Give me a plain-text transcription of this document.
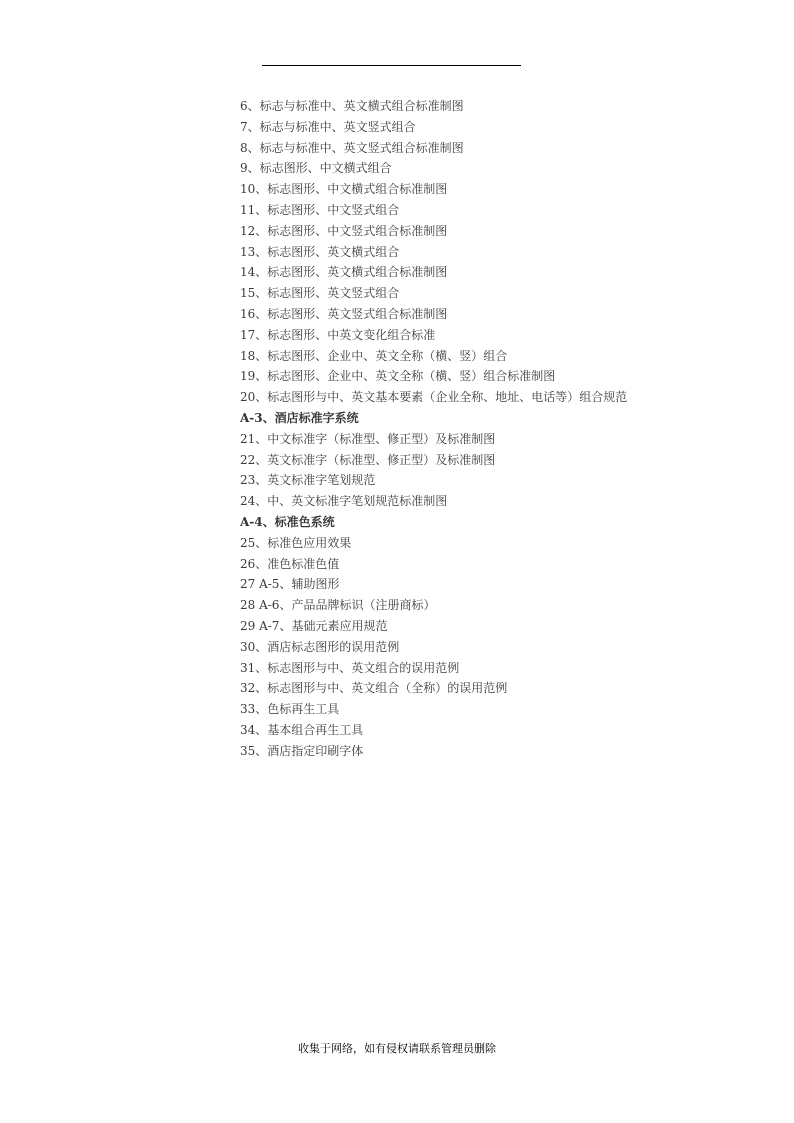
6、标志与标准中、英文横式组合标准制图
7、标志与标准中、英文竖式组合
8、标志与标准中、英文竖式组合标准制图
9、标志图形、中文横式组合
10、标志图形、中文横式组合标准制图
11、标志图形、中文竖式组合
12、标志图形、中文竖式组合标准制图
13、标志图形、英文横式组合
14、标志图形、英文横式组合标准制图
15、标志图形、英文竖式组合
16、标志图形、英文竖式组合标准制图
17、标志图形、中英文变化组合标准
18、标志图形、企业中、英文全称（横、竖）组合
19、标志图形、企业中、英文全称（横、竖）组合标准制图
20、标志图形与中、英文基本要素（企业全称、地址、电话等）组合规范
A-3、酒店标准字系统
21、中文标准字（标准型、修正型）及标准制图
22、英文标准字（标准型、修正型）及标准制图
23、英文标准字笔划规范
24、中、英文标准字笔划规范标准制图
A-4、标准色系统
25、标准色应用效果
26、准色标准色值
27 A-5、辅助图形
28 A-6、产品品牌标识（注册商标）
29 A-7、基础元素应用规范
30、酒店标志图形的误用范例
31、标志图形与中、英文组合的误用范例
32、标志图形与中、英文组合（全称）的误用范例
33、色标再生工具
34、基本组合再生工具
35、酒店指定印刷字体
收集于网络，如有侵权请联系管理员删除
